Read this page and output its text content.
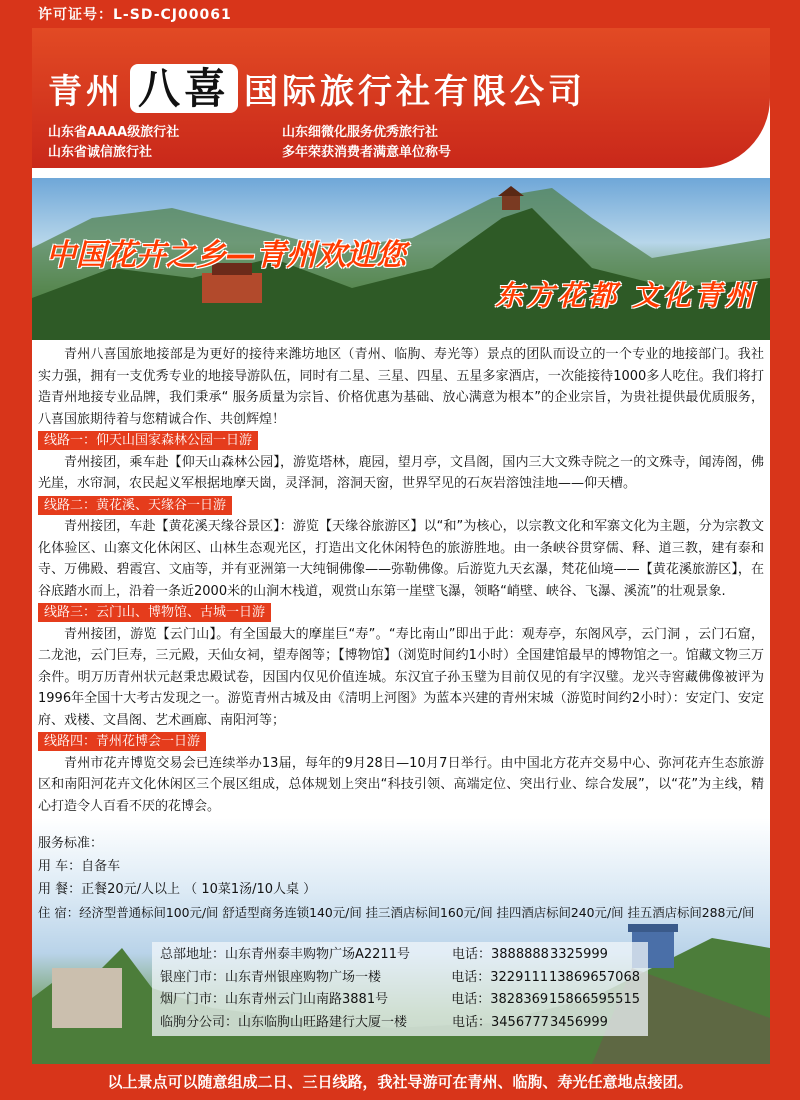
许可证号：L-SD-CJ00061
青州 八喜 国际旅行社有限公司
山东省AAAA级旅行社	山东细微化服务优秀旅行社
山东省诚信旅行社	多年荣获消费者满意单位称号
中国花卉之乡—青州欢迎您
东方花都 文化青州

青州八喜国旅地接部是为更好的接待来潍坊地区（青州、临朐、寿光等）景点的团队而设立的一个专业的地接部门。我社实力强，拥有一支优秀专业的地接导游队伍，同时有二星、三星、四星、五星多家酒店，一次能接待1000多人吃住。我们将打造青州地接专业品牌，我们秉承“ 服务质量为宗旨、价格优惠为基础、放心满意为根本”的企业宗旨，为贵社提供最优质服务，八喜国旅期待着与您精诚合作、共创辉煌！

线路一：仰天山国家森林公园一日游

青州接团，乘车赴【仰天山森林公园】，游览塔林，鹿园，望月亭，文昌阁，国内三大文殊寺院之一的文殊寺，闻涛阁，佛光崖，水帘洞，农民起义军根据地摩天崮，灵泽洞，溶洞天窗，世界罕见的石灰岩溶蚀洼地——仰天槽。

线路二：黄花溪、天缘谷一日游

青州接团，车赴【黄花溪天缘谷景区】：游览【天缘谷旅游区】以“和”为核心，以宗教文化和军寨文化为主题，分为宗教文化体验区、山寨文化休闲区、山林生态观光区，打造出文化休闲特色的旅游胜地。由一条峡谷贯穿儒、释、道三教，建有泰和寺、万佛殿、碧霞宫、文庙等，并有亚洲第一大纯铜佛像——弥勒佛像。后游览九天玄瀑，梵花仙境——【黄花溪旅游区】，在谷底踏水而上，沿着一条近2000米的山涧木栈道，观赏山东第一崖壁飞瀑，领略“峭壁、峡谷、飞瀑、溪流”的壮观景象.

线路三：云门山、博物馆、古城一日游

青州接团，游览【云门山】。有全国最大的摩崖巨“寿”。“寿比南山”即出于此：观寿亭，东阁风亭，云门洞 ，云门石窟，二龙池，云门巨寿，三元殿，天仙女祠，望寿阁等；【博物馆】（浏览时间约1小时）全国建馆最早的博物馆之一。馆藏文物三万余件。明万历青州状元赵秉忠殿试卷，因国内仅见价值连城。东汉宜子孙玉璧为目前仅见的有字汉璧。龙兴寺窖藏佛像被评为1996年全国十大考古发现之一。游览青州古城及由《清明上河图》为蓝本兴建的青州宋城（游览时间约2小时）：安定门、安定府、戏楼、文昌阁、艺术画廊、南阳河等；

线路四：青州花博会一日游

青州市花卉博览交易会已连续举办13届，每年的9月28日—10月7日举行。由中国北方花卉交易中心、弥河花卉生态旅游区和南阳河花卉文化休闲区三个展区组成，总体规划上突出“科技引领、高端定位、突出行业、综合发展”，以“花”为主线，精心打造令人百看不厌的花博会。

服务标准：
用 车：自备车
用 餐：正餐20元/人以上 （ 10菜1汤/10人桌 ）
住 宿：经济型普通标间100元/间 舒适型商务连锁140元/间 挂三酒店标间160元/间 挂四酒店标间240元/间 挂五酒店标间288元/间
总部地址：山东青州泰丰购物广场A2211号	电话：3888888 3325999
银座门市：山东青州银座购物广场一楼	电话：3229111 13869657068
烟厂门市：山东青州云门山南路3881号	电话：3828369 15866595515
临朐分公司：山东临朐山旺路建行大厦一楼	电话：3456777 3456999
以上景点可以随意组成二日、三日线路，我社导游可在青州、临朐、寿光任意地点接团。
